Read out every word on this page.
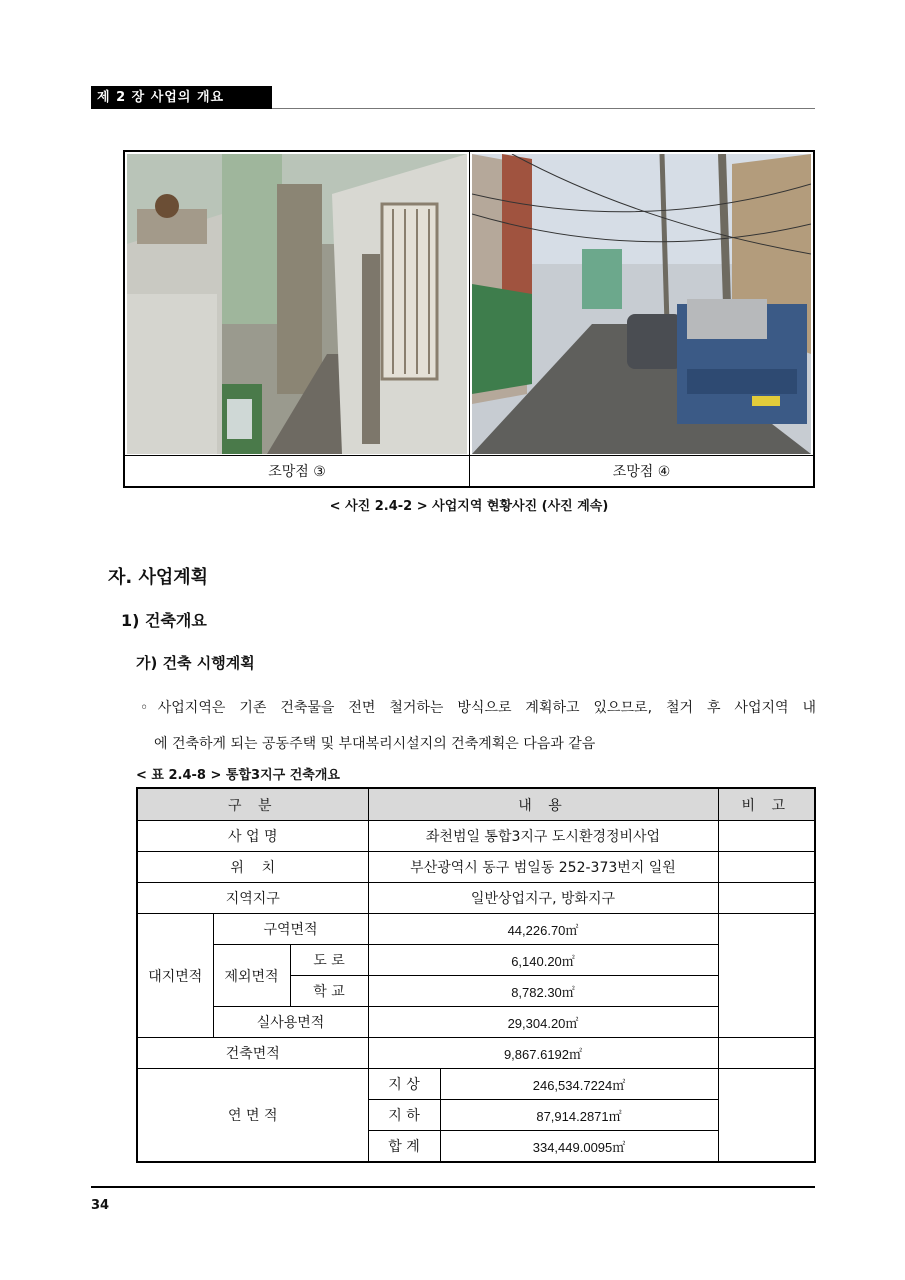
제 2 장 사업의 개요
조망점 ③	조망점 ④
< 사진 2.4-2 > 사업지역 현황사진 (사진 계속)
자. 사업계획
1) 건축개요
가) 건축 시행계획
◦사업지역은 기존 건축물을 전면 철거하는 방식으로 계획하고 있으므로, 철거 후 사업지역 내
에 건축하게 되는 공동주택 및 부대복리시설지의 건축계획은 다음과 같음
< 표 2.4-8 > 통합3지구 건축개요
구 분			내 용		비 고
사 업 명			좌천범일 통합3지구 도시환경정비사업		
위    치			부산광역시 동구 범일동 252-373번지 일원		
지역지구			일반상업지구, 방화지구		
대지면적	구역면적		44,226.70㎡		
	제외면적	도 로	6,140.20㎡		
		학 교	8,782.30㎡		
	실사용면적		29,304.20㎡		
건축면적			9,867.6192㎡		
연 면 적			지 상	246,534.7224㎡	
			지 하	87,914.2871㎡	
			합 계	334,449.0095㎡	
34
